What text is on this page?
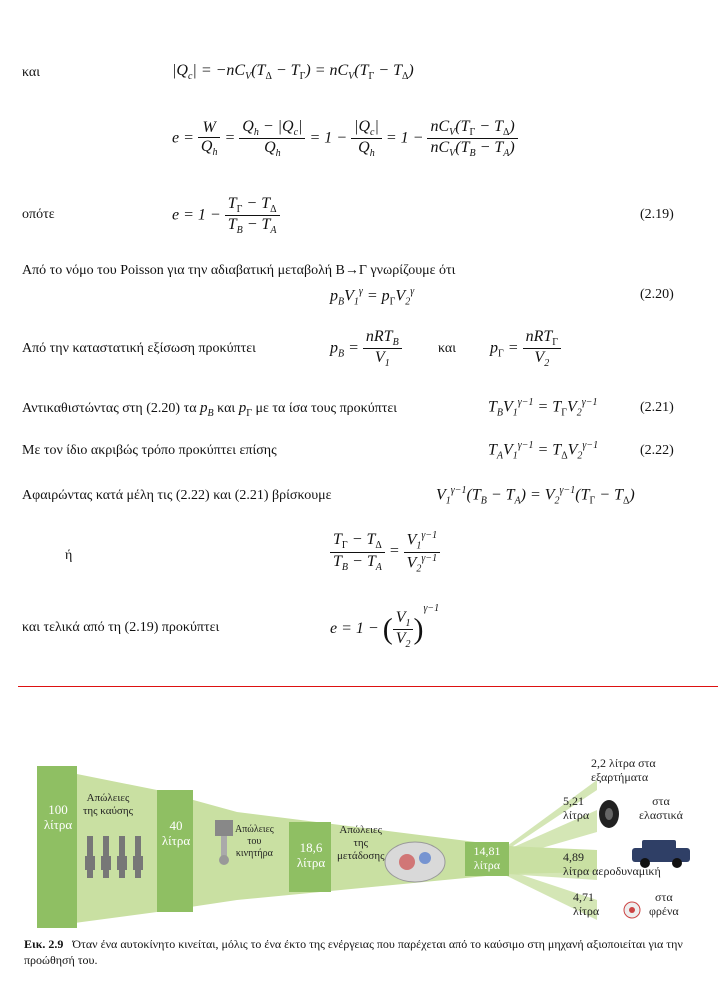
και	$|Q_c| = -nC_V(T_\Delta - T_\Gamma) = nC_V(T_\Gamma - T_\Delta)$
$e = \frac{W}{Q_h} = \frac{Q_h - |Q_c|}{Q_h} = 1 - \frac{|Q_c|}{Q_h} = 1 - \frac{nC_V(T_\Gamma - T_\Delta)}{nC_V(T_B - T_A)}$
οπότε	$e = 1 - \frac{T_\Gamma - T_\Delta}{T_B - T_A}$	(2.19)
Από το νόμο του Poisson για την αδιαβατική μεταβολή Β→Γ γνωρίζουμε ότι
$p_BV_1^\gamma = p_\Gamma V_2^\gamma$	(2.20)
Από την καταστατική εξίσωση προκύπτει	$p_B = \frac{nRT_B}{V_1}$	και $p_\Gamma = \frac{nRT_\Gamma}{V_2}$
Αντικαθιστώντας στη (2.20) τα $p_B$ και $p_\Gamma$ με τα ίσα τους προκύπτει	$T_BV_1^{\gamma-1} = T_\Gamma V_2^{\gamma-1}$	(2.21)
Με τον ίδιο ακριβώς τρόπο προκύπτει επίσης	$T_AV_1^{\gamma-1} = T_\Delta V_2^{\gamma-1}$	(2.22)
Αφαιρώντας κατά μέλη τις (2.22) και (2.21) βρίσκουμε	$V_1^{\gamma-1}(T_B - T_A) = V_2^{\gamma-1}(T_\Gamma - T_\Delta)$
ή	$\frac{T_\Gamma - T_\Delta}{T_B - T_A} = \frac{V_1^{\gamma-1}}{V_2^{\gamma-1}}$
και τελικά από τη (2.19) προκύπτει	e = 1 − ( $\frac{V_1}{V_2} )^{\gamma-1}$
100
λίτρα
Απώλειες
της καύσης
40
λίτρα
Απώλειες
του
κινητήρα	18,6
λίτρα
Απώλειες
της
μετάδοσης	14,81
λίτρα
2,2 λίτρα στα
εξαρτήματα
5,21
λίτρα
στα
ελαστικά
4,89
λίτρα αεροδυναμική
4,71
λίτρα
στα
φρένα
Εικ. 2.9 Όταν ένα αυτοκίνητο κινείται, μόλις το ένα έκτο της ενέργειας που παρέχεται από το καύσιμο στη μηχανή αξιοποιείται για την προώθησή του.
